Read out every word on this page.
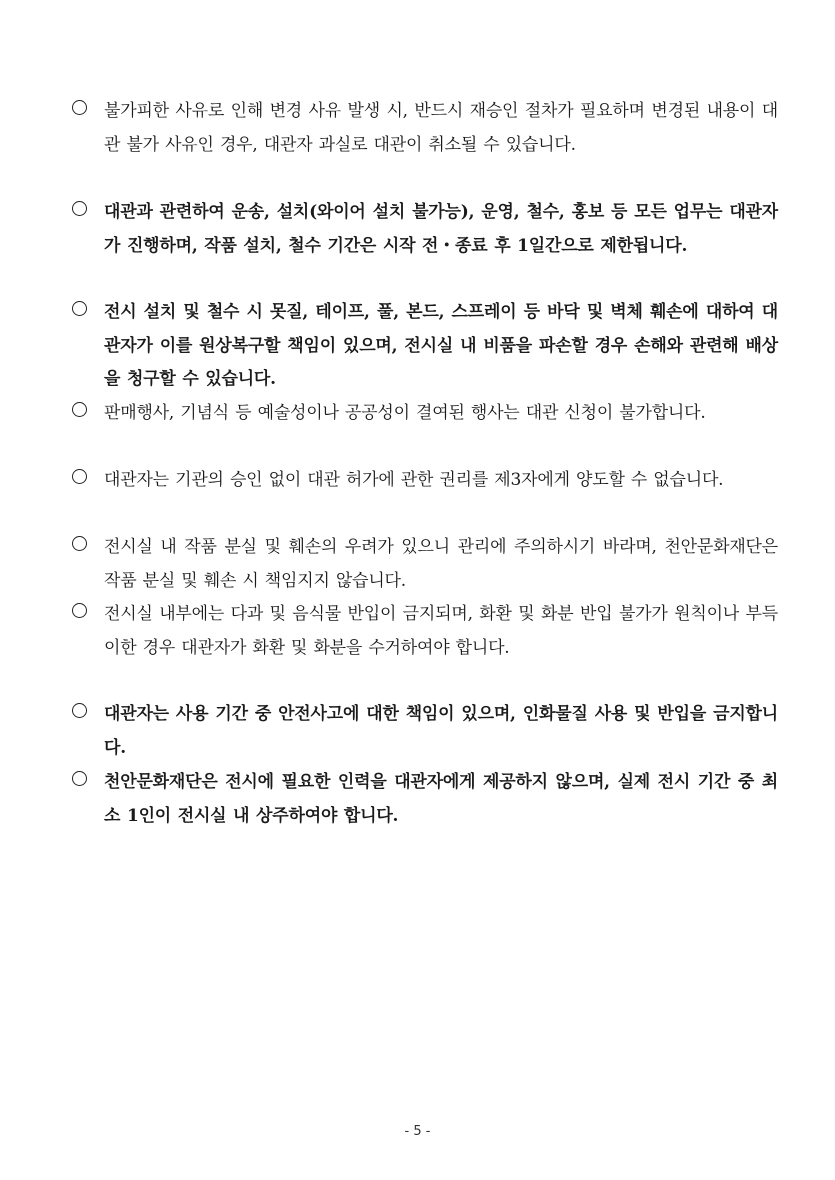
불가피한 사유로 인해 변경 사유 발생 시, 반드시 재승인 절차가 필요하며 변경된 내용이 대관 불가 사유인 경우, 대관자 과실로 대관이 취소될 수 있습니다.
대관과 관련하여 운송, 설치(와이어 설치 불가능), 운영, 철수, 홍보 등 모든 업무는 대관자가 진행하며, 작품 설치, 철수 기간은 시작 전・종료 후 1일간으로 제한됩니다.
전시 설치 및 철수 시 못질, 테이프, 풀, 본드, 스프레이 등 바닥 및 벽체 훼손에 대하여 대관자가 이를 원상복구할 책임이 있으며, 전시실 내 비품을 파손할 경우 손해와 관련해 배상을 청구할 수 있습니다.
판매행사, 기념식 등 예술성이나 공공성이 결여된 행사는 대관 신청이 불가합니다.
대관자는 기관의 승인 없이 대관 허가에 관한 권리를 제3자에게 양도할 수 없습니다.
전시실 내 작품 분실 및 훼손의 우려가 있으니 관리에 주의하시기 바라며, 천안문화재단은 작품 분실 및 훼손 시 책임지지 않습니다.
전시실 내부에는 다과 및 음식물 반입이 금지되며, 화환 및 화분 반입 불가가 원칙이나 부득이한 경우 대관자가 화환 및 화분을 수거하여야 합니다.
대관자는 사용 기간 중 안전사고에 대한 책임이 있으며, 인화물질 사용 및 반입을 금지합니다.
천안문화재단은 전시에 필요한 인력을 대관자에게 제공하지 않으며, 실제 전시 기간 중 최소 1인이 전시실 내 상주하여야 합니다.
- 5 -
